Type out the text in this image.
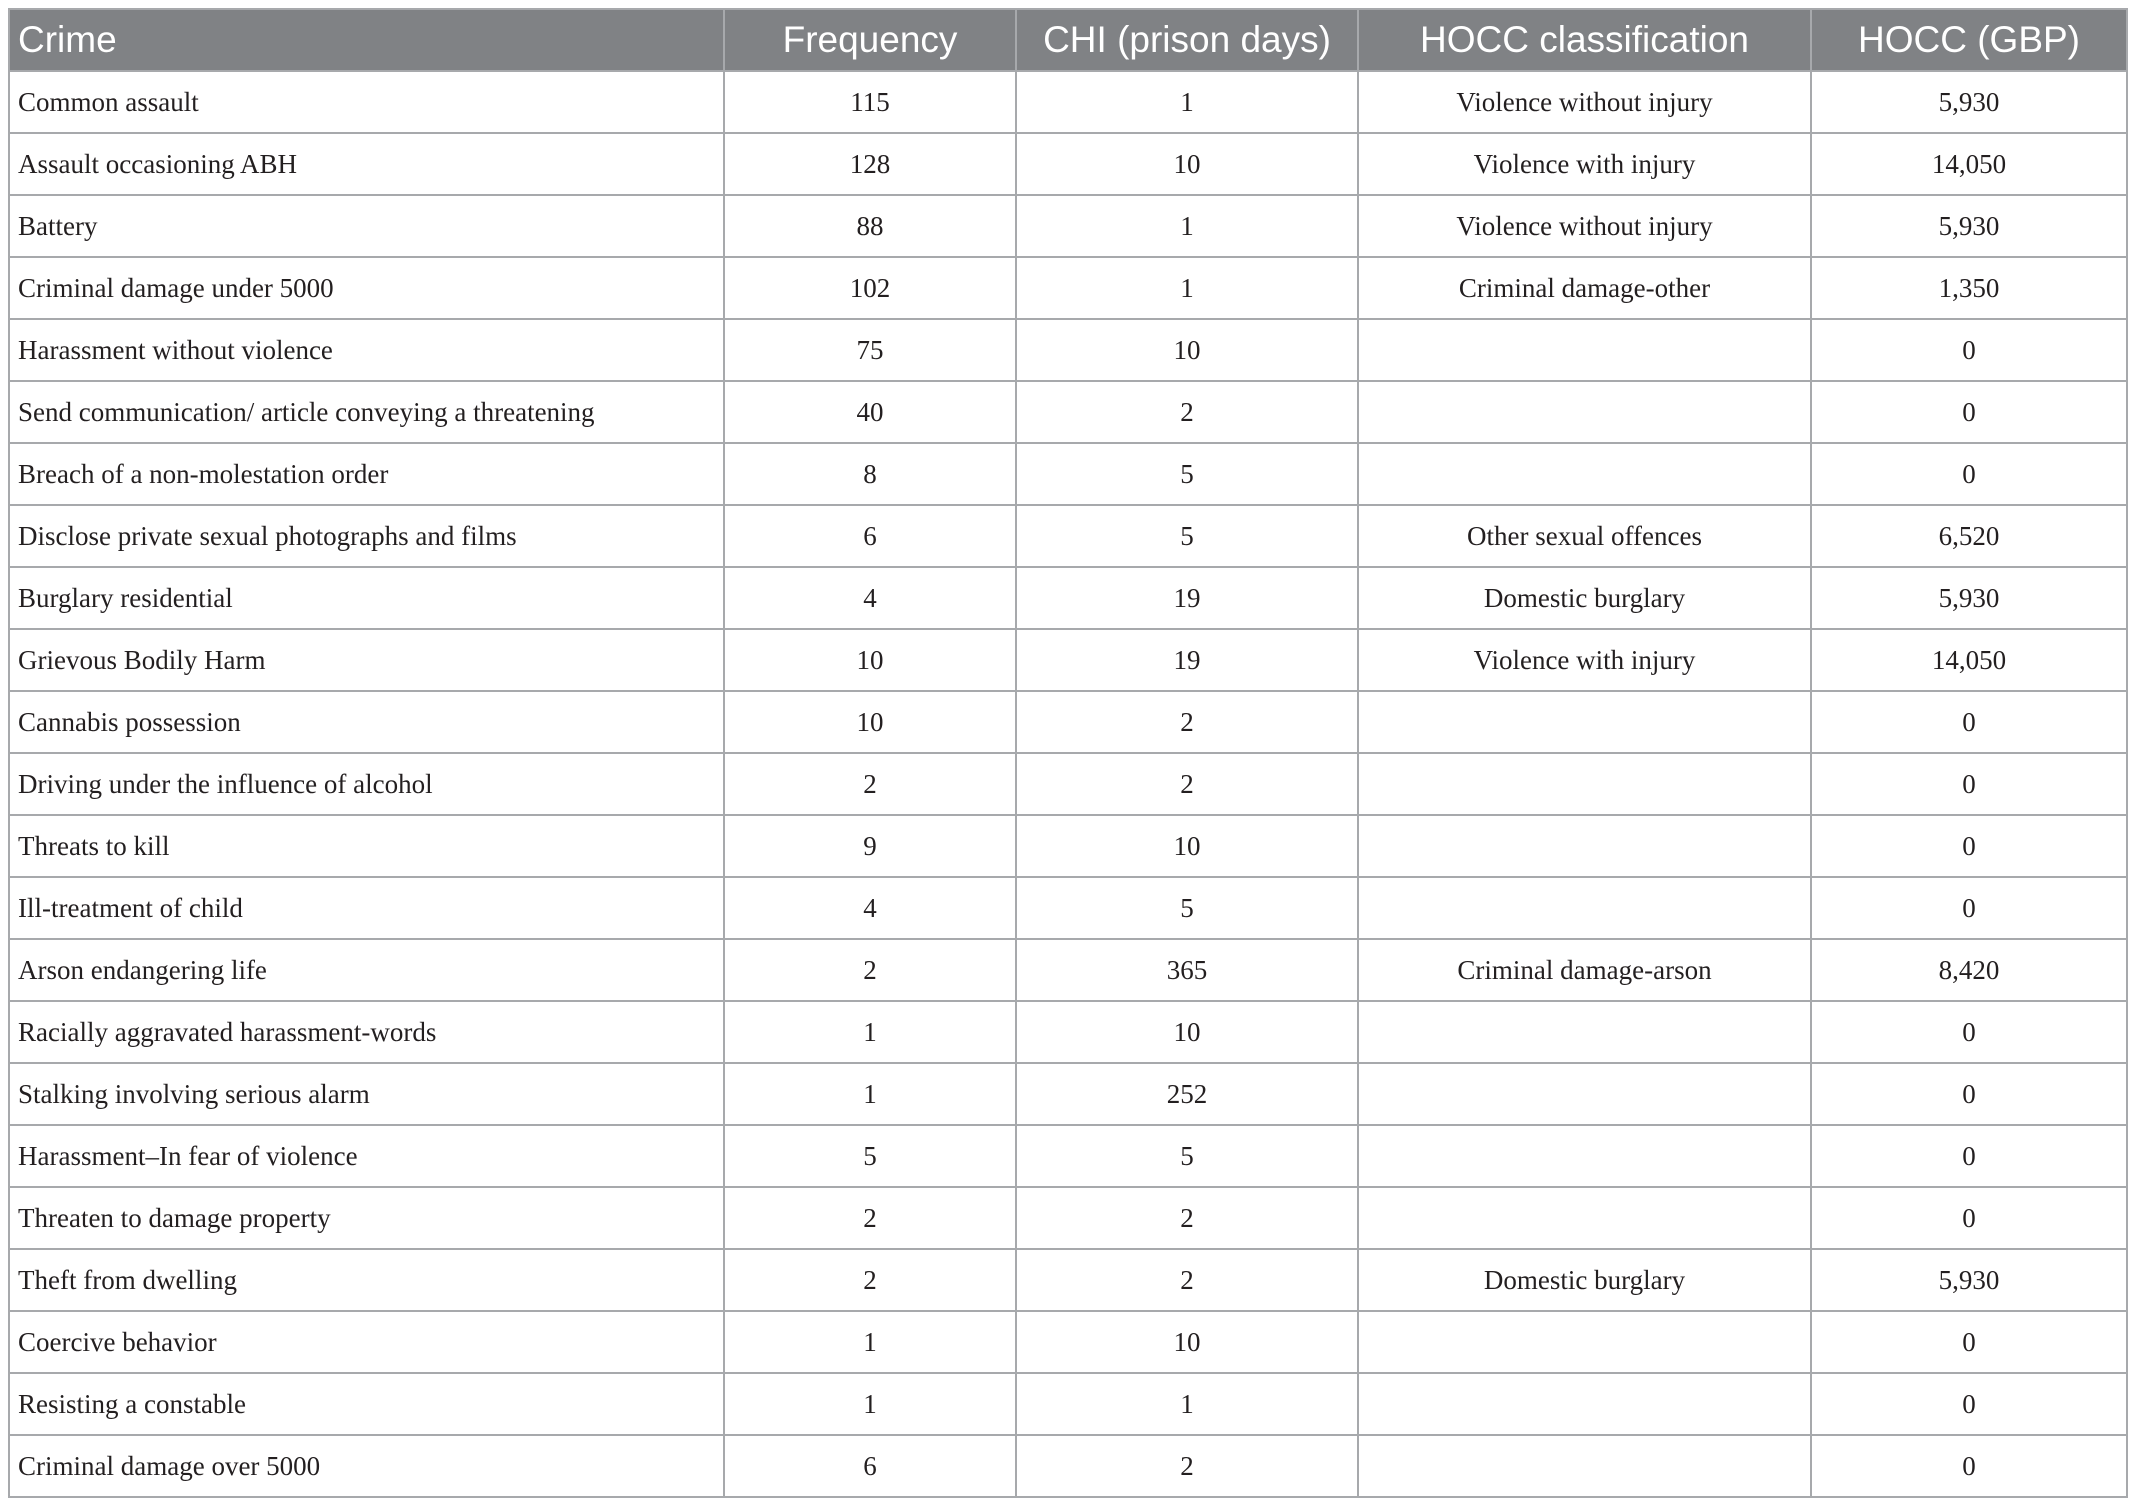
Crime	Frequency	CHI (prison days)	HOCC classification	HOCC (GBP)
Common assault	115	1	Violence without injury	5,930
Assault occasioning ABH	128	10	Violence with injury	14,050
Battery	88	1	Violence without injury	5,930
Criminal damage under 5000	102	1	Criminal damage-other	1,350
Harassment without violence	75	10		0
Send communication/ article conveying a threatening	40	2		0
Breach of a non-molestation order	8	5		0
Disclose private sexual photographs and films	6	5	Other sexual offences	6,520
Burglary residential	4	19	Domestic burglary	5,930
Grievous Bodily Harm	10	19	Violence with injury	14,050
Cannabis possession	10	2		0
Driving under the influence of alcohol	2	2		0
Threats to kill	9	10		0
Ill-treatment of child	4	5		0
Arson endangering life	2	365	Criminal damage-arson	8,420
Racially aggravated harassment-words	1	10		0
Stalking involving serious alarm	1	252		0
Harassment–In fear of violence	5	5		0
Threaten to damage property	2	2		0
Theft from dwelling	2	2	Domestic burglary	5,930
Coercive behavior	1	10		0
Resisting a constable	1	1		0
Criminal damage over 5000	6	2		0
